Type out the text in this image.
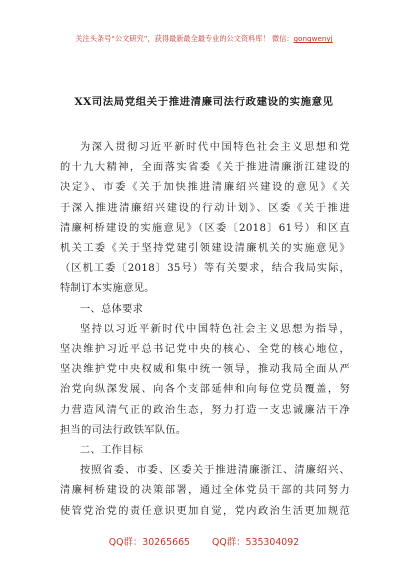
关注头条号“公文研究”，获得最新最全最专业的公文资料库！ 微信：gongwenyj
XX司法局党组关于推进清廉司法行政建设的实施意见

为深入贯彻习近平新时代中国特色社会主义思想和党
的十九大精神，全面落实省委《关于推进清廉浙江建设的
决定》、市委《关于加快推进清廉绍兴建设的意见》《关
于深入推进清廉绍兴建设的行动计划》、区委《关于推进
清廉柯桥建设的实施意见》（区委〔2018〕61号）和区直
机关工委《关于坚持党建引领建设清廉机关的实施意见》
（区机工委〔2018〕35号）等有关要求，结合我局实际，
特制订本实施意见。

一、总体要求

坚持以习近平新时代中国特色社会主义思想为指导，
坚决维护习近平总书记党中央的核心、全党的核心地位，
坚决维护党中央权威和集中统一领导，推动我局全面从严
治党向纵深发展、向各个支部延伸和向每位党员覆盖，努
力营造风清气正的政治生态，努力打造一支忠诚廉洁干净
担当的司法行政铁军队伍。

二、工作目标

按照省委、市委、区委关于推进清廉浙江、清廉绍兴、
清廉柯桥建设的决策部署，通过全体党员干部的共同努力
使管党治党的责任意识更加自觉，党内政治生活更加规范

QQ群：30265665 QQ群：535304092
